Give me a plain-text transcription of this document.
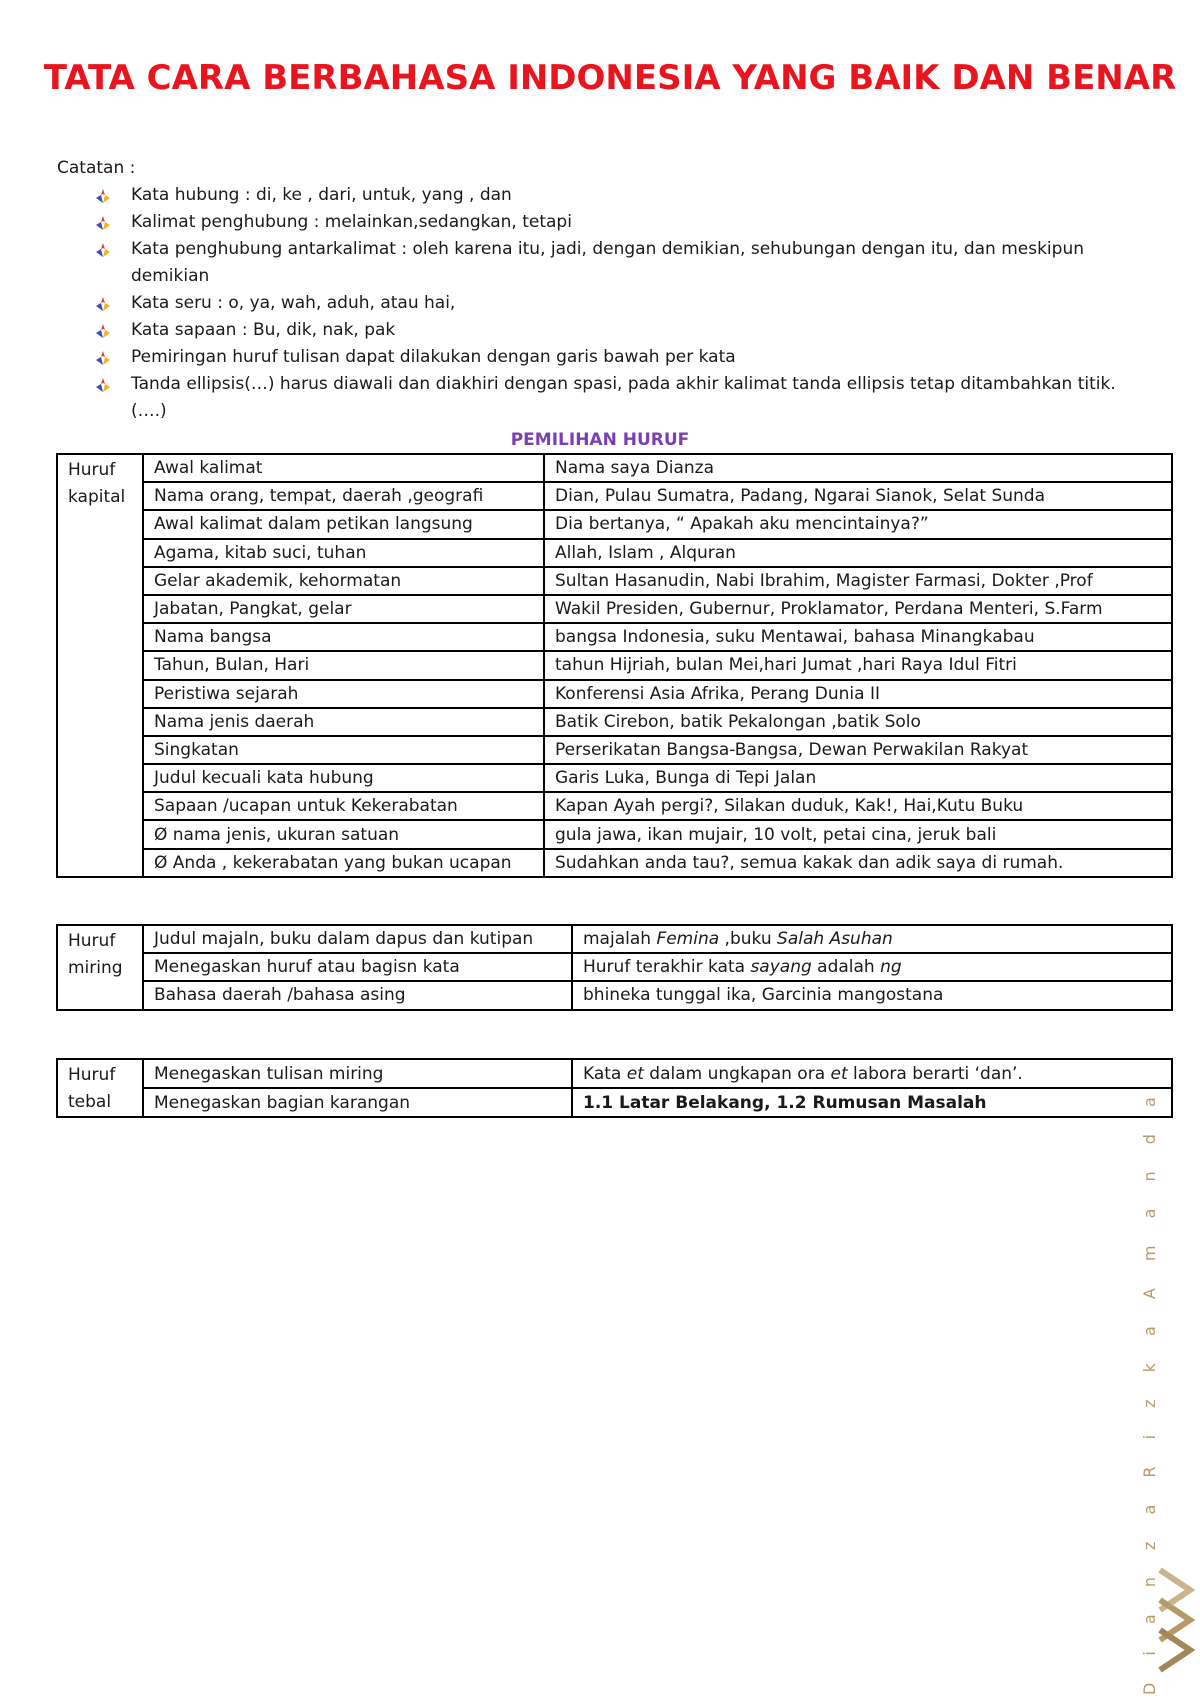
TATA CARA BERBAHASA INDONESIA YANG BAIK DAN BENAR
Catatan :
Kata hubung : di, ke , dari, untuk, yang , dan
Kalimat penghubung : melainkan,sedangkan, tetapi
Kata penghubung antarkalimat : oleh karena itu, jadi, dengan demikian, sehubungan dengan itu, dan meskipun demikian
Kata seru : o, ya, wah, aduh, atau hai,
Kata sapaan : Bu, dik, nak, pak
Pemiringan huruf tulisan dapat dilakukan dengan garis bawah per kata
Tanda ellipsis(…) harus diawali dan diakhiri dengan spasi, pada akhir kalimat tanda ellipsis tetap ditambahkan titik. (….)
PEMILIHAN HURUF
Huruf kapital	Awal kalimat	Nama saya Dianza
	Nama orang, tempat, daerah ,geografi	Dian, Pulau Sumatra, Padang, Ngarai Sianok, Selat Sunda
	Awal kalimat dalam petikan langsung	Dia bertanya, “ Apakah aku mencintainya?”
	Agama, kitab suci, tuhan	Allah, Islam , Alquran
	Gelar akademik, kehormatan	Sultan Hasanudin, Nabi Ibrahim, Magister Farmasi, Dokter ,Prof
	Jabatan, Pangkat, gelar	Wakil Presiden, Gubernur, Proklamator, Perdana Menteri, S.Farm
	Nama bangsa	bangsa Indonesia, suku Mentawai, bahasa Minangkabau
	Tahun, Bulan, Hari	tahun Hijriah, bulan Mei,hari Jumat ,hari Raya Idul Fitri
	Peristiwa sejarah	Konferensi Asia Afrika, Perang Dunia II
	Nama jenis daerah	Batik Cirebon, batik Pekalongan ,batik Solo
	Singkatan	Perserikatan Bangsa-Bangsa, Dewan Perwakilan Rakyat
	Judul kecuali kata hubung	Garis Luka, Bunga di Tepi Jalan
	Sapaan /ucapan untuk Kekerabatan	Kapan Ayah pergi?, Silakan duduk, Kak!, Hai,Kutu Buku
	Ø nama jenis, ukuran satuan	gula jawa, ikan mujair, 10 volt, petai cina, jeruk bali
	Ø Anda , kekerabatan yang bukan ucapan	Sudahkan anda tau?, semua kakak dan adik saya di rumah.
Huruf miring	Judul majaln, buku dalam dapus dan kutipan	majalah Femina ,buku Salah Asuhan
	Menegaskan huruf atau bagisn kata	Huruf terakhir kata sayang adalah ng
	Bahasa daerah /bahasa asing	bhineka tunggal ika, Garcinia mangostana
Huruf tebal	Menegaskan tulisan miring	Kata et dalam ungkapan ora et labora berarti ‘dan’.
	Menegaskan bagian karangan	1.1 Latar Belakang, 1.2 Rumusan Masalah	D i a n z a R i z k a A m a n d a
